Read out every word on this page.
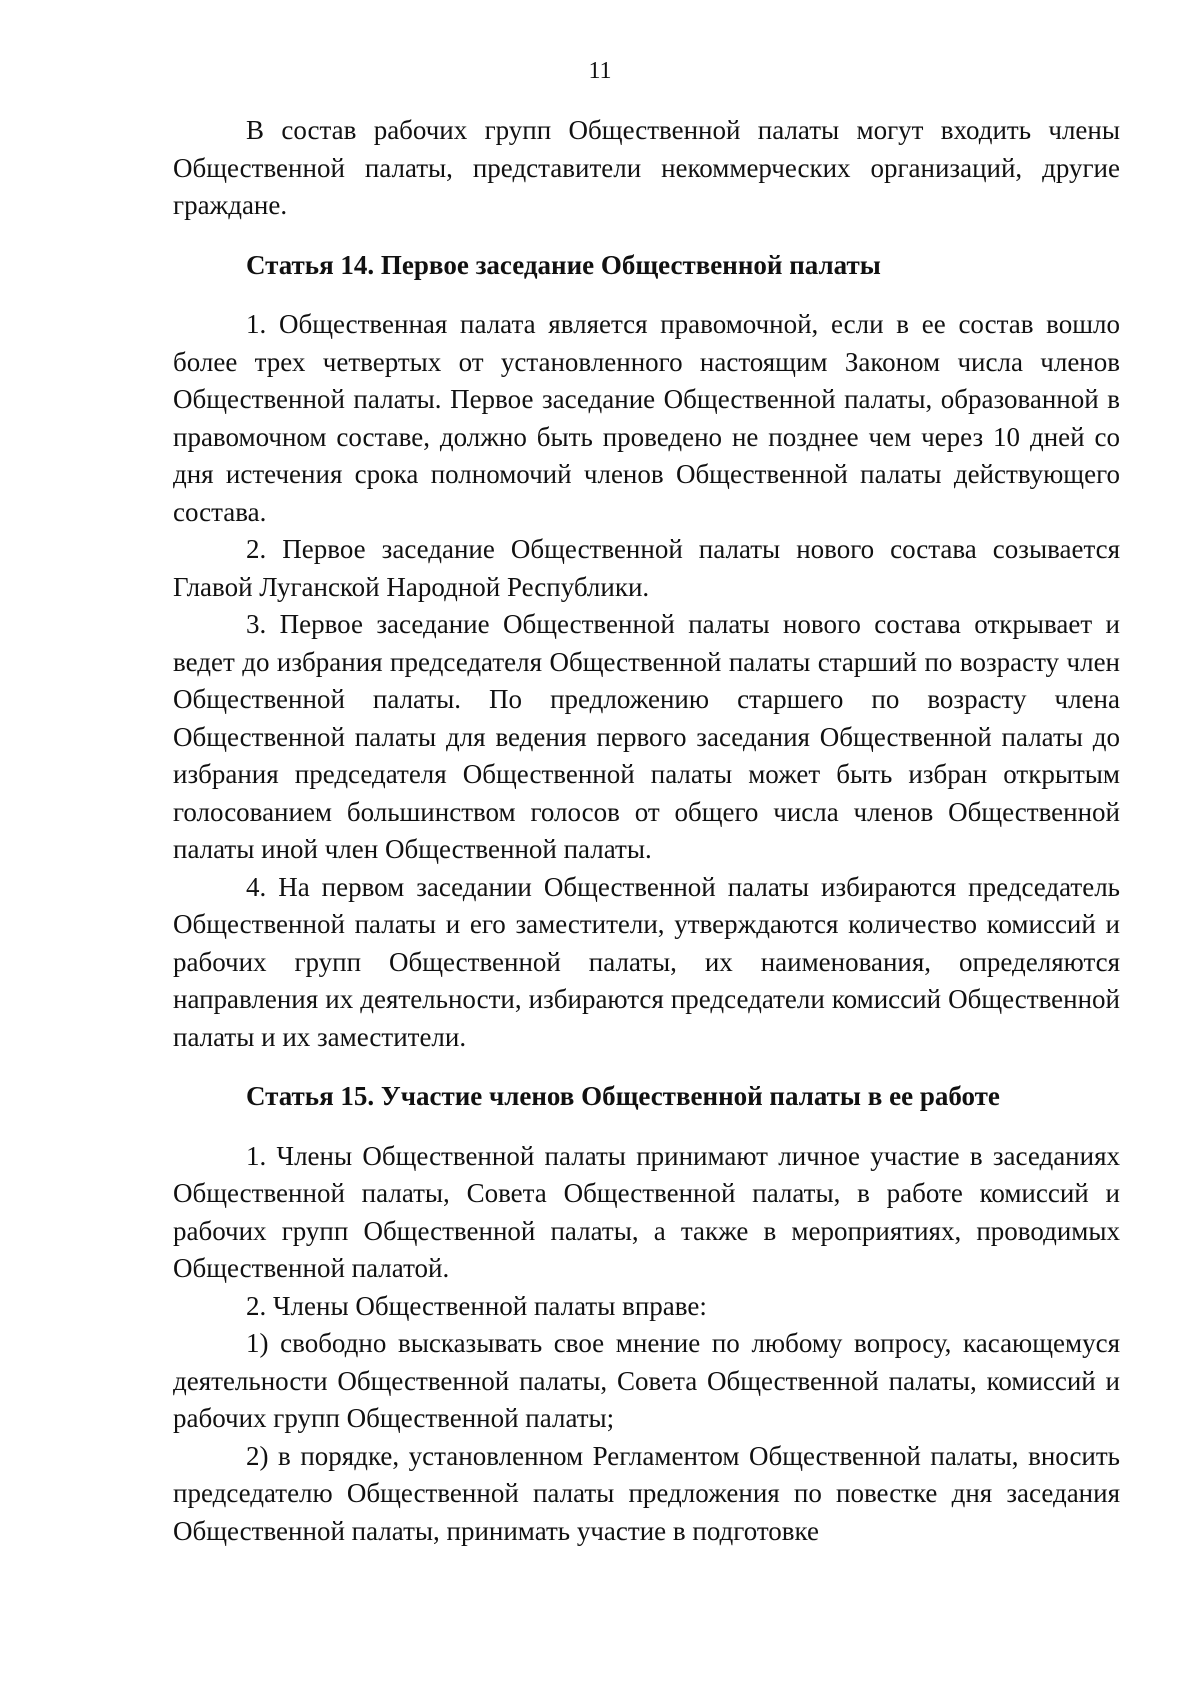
11

В состав рабочих групп Общественной палаты могут входить члены Общественной палаты, представители некоммерческих организаций, другие граждане.

Статья 14. Первое заседание Общественной палаты

1. Общественная палата является правомочной, если в ее состав вошло более трех четвертых от установленного настоящим Законом числа членов Общественной палаты. Первое заседание Общественной палаты, образованной в правомочном составе, должно быть проведено не позднее чем через 10 дней со дня истечения срока полномочий членов Общественной палаты действующего состава.

2. Первое заседание Общественной палаты нового состава созывается Главой Луганской Народной Республики.

3. Первое заседание Общественной палаты нового состава открывает и ведет до избрания председателя Общественной палаты старший по возрасту член Общественной палаты. По предложению старшего по возрасту члена Общественной палаты для ведения первого заседания Общественной палаты до избрания председателя Общественной палаты может быть избран открытым голосованием большинством голосов от общего числа членов Общественной палаты иной член Общественной палаты.

4. На первом заседании Общественной палаты избираются председатель Общественной палаты и его заместители, утверждаются количество комиссий и рабочих групп Общественной палаты, их наименования, определяются направления их деятельности, избираются председатели комиссий Общественной палаты и их заместители.

Статья 15. Участие членов Общественной палаты в ее работе

1. Члены Общественной палаты принимают личное участие в заседаниях Общественной палаты, Совета Общественной палаты, в работе комиссий и рабочих групп Общественной палаты, а также в мероприятиях, проводимых Общественной палатой.

2. Члены Общественной палаты вправе:

1) свободно высказывать свое мнение по любому вопросу, касающемуся деятельности Общественной палаты, Совета Общественной палаты, комиссий и рабочих групп Общественной палаты;

2) в порядке, установленном Регламентом Общественной палаты, вносить председателю Общественной палаты предложения по повестке дня заседания Общественной палаты, принимать участие в подготовке
